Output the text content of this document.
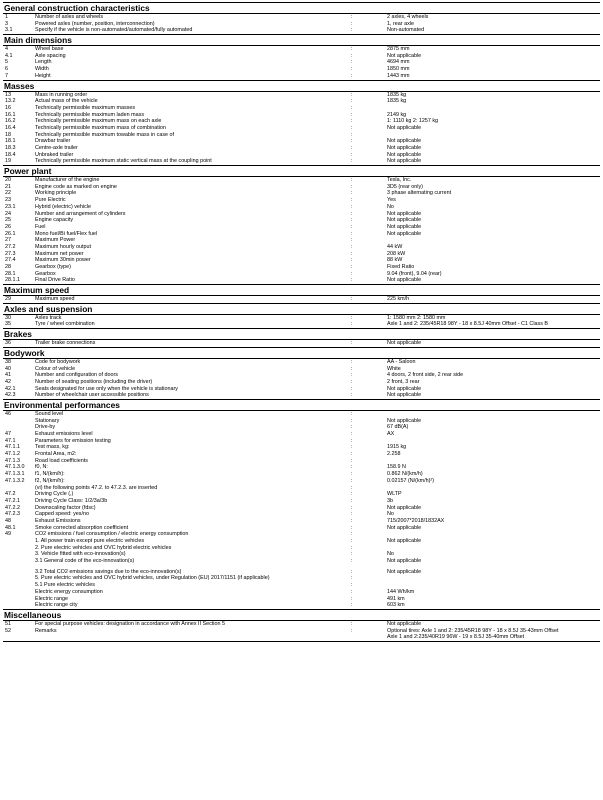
General construction characteristics
1	Number of axles and wheels	:	2 axles, 4 wheels
3	Powered axles (number, position, interconnection)	:	1, rear axle
3.1	Specify if the vehicle is non-automated/automated/fully automated	:	Non-automated
Main dimensions
4	Wheel base	:	2875 mm
4.1	Axle spacing	:	Not applicable
5	Length	:	4694 mm
6	Width	:	1850 mm
7	Height	:	1443 mm
Masses
13	Mass in running order	:	1835 kg
13.2	Actual mass of the vehicle	:	1835 kg
16	Technically permissible maximum masses	:
16.1	Technically permissible maximum laden mass	:	2149 kg
16.2	Technically permissible maximum mass on each axle	:	1: 1110 kg 2: 1257 kg
16.4	Technically permissible maximum mass of combination	:	Not applicable
18	Technically permissible maximum towable mass in case of	:
18.1	Drawbar trailer	:	Not applicable
18.3	Centre-axle trailer	:	Not applicable
18.4	Unbraked trailer	:	Not applicable
19	Technically permissible maximum static vertical mass at the coupling point	:	Not applicable
Power plant
20	Manufacturer of the engine	:	Tesla, Inc.
21	Engine code as marked on engine	:	3D5 (rear only)
22	Working principle	:	3 phase alternating current
23	Pure Electric	:	Yes
23.1	Hybrid (electric) vehicle	:	No
24	Number and arrangement of cylinders	:	Not applicable
25	Engine capacity	:	Not applicable
26	Fuel	:	Not applicable
26.1	Mono fuel/Bi fuel/Flex fuel	:	Not applicable
27	Maximum Power	:
27.2	Maximum hourly output	:	44 kW
27.3	Maximum net power	:	208 kW
27.4	Maximum 30min power	:	88 kW
28	Gearbox (type)	:	Fixed Ratio
28.1	Gearbox	:	9.04 (front), 9.04 (rear)
28.1.1	Final Drive Ratio	:	Not applicable
Maximum speed
29	Maximum speed	:	225 km/h
Axles and suspension
30	Axles track	:	1: 1580 mm 2: 1580 mm
35	Tyre / wheel combination	:	Axle 1 and 2: 235/45R18 98Y - 18 x 8.5J 40mm Offset - C1 Class B
Brakes
36	Trailer brake connections	:	Not applicable
Bodywork
38	Code for bodywork	:	AA - Saloon
40	Colour of vehicle	:	White
41	Number and configuration of doors	:	4 doors, 2 front side, 2 rear side
42	Number of seating positions (including the driver)	:	2 front, 3 rear
42.1	Seats designated for use only when the vehicle is stationary	:	Not applicable
42.3	Number of wheelchair user accessible positions	:	Not applicable
Environmental performances
46	Sound level	:
Stationary	:	Not applicable
Drive-by	:	67 dB(A)
47	Exhaust emissions level	:	AX
47.1	Parameters for emission testing	:
47.1.1	Test mass, kg:	:	1915 kg
47.1.2	Frontal Area, m2:	:	2.258
47.1.3	Road load coefficients	:
47.1.3.0 f0, N:	:	158.9 N
47.1.3.1 f1, N/(km/h):	:	0.862 N/(km/h)
47.1.3.2 f2, N/(km/h):	:	0.02157 (N/(km/h)²)
(vi) the following points 47.2. to 47.2.3. are inserted	:
47.2	Driving Cycle (,)	:	WLTP
47.2.1	Driving Cycle Class: 1/2/3a/3b	:	3b
47.2.2	Downscaling factor (fdsc)	:	Not applicable
47.2.3	Capped speed: yes/no	:	No
48	Exhaust Emissions	:	715/2007*2018/1832AX
48.1	Smoke corrected absorption coefficient	:	Not applicable
49	CO2 emissions / fuel consumption / electric energy consumption	:
1. All power train except pure electric vehicles	:	Not applicable
2. Pure electric vehicles and OVC hybrid electric vehicles	:
3. Vehicle fitted with eco-innovation(s)	:	No
3.1 General code of the eco-innovation(s)	:	Not applicable
3.2 Total CO2 emissions savings due to the eco-innovation(s)	:	Not applicable
5. Pure electric vehicles and OVC hybrid vehicles, under Regulation (EU) 2017/1151 (if applicable)	:
5.1 Pure electric vehicles	:
Electric energy consumption	:	144 Wh/km
Electric range	:	491 km
Electric range city	:	603 km
Miscellaneous
51	For special purpose vehicles: designation in accordance with Annex II Section 5	:	Not applicable
52	Remarks	:	Optional tires: Axle 1 and 2: 235/45R18 98Y - 18 x 8.5J 35-43mm Offset
Axle 1 and 2:235/40R19 96W - 19 x 8.5J 35-40mm Offset
